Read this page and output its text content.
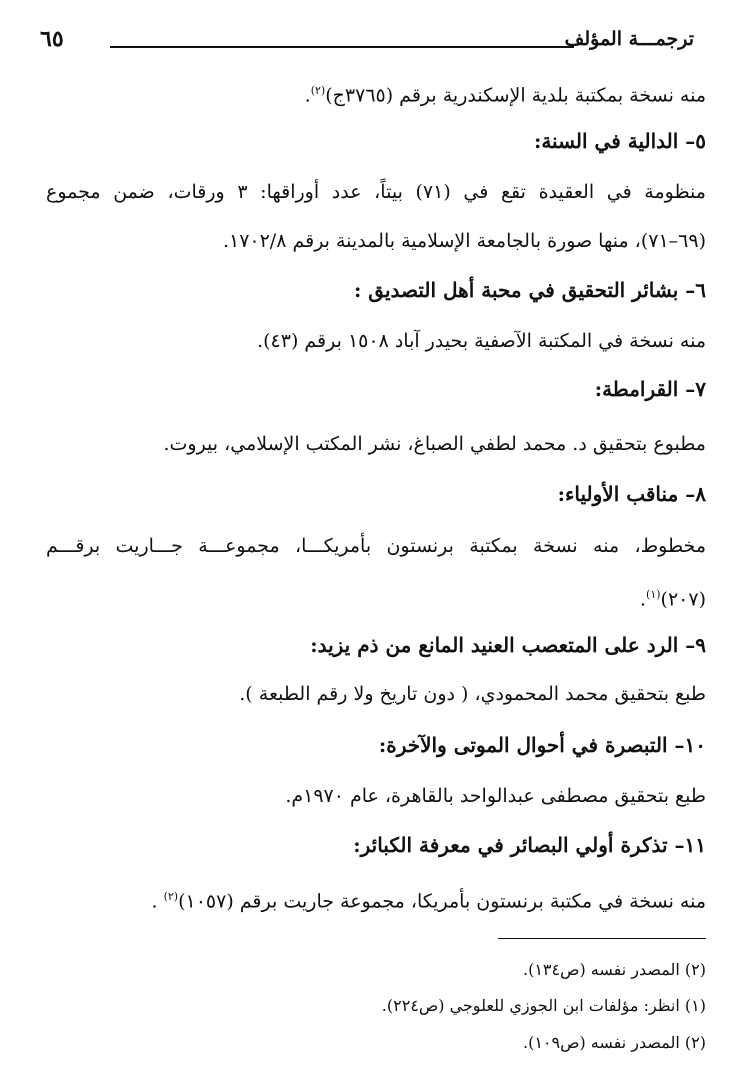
ترجمـــة المؤلف
٦٥
منه نسخة بمكتبة بلدية الإسكندرية برقم (٣٧٦٥ج)$^{(٢)}$.
٥– الدالية في السنة:
منظومة في العقيدة تقع في (٧١) بيتاً، عدد أوراقها: ٣ ورقات، ضمن مجموع
(٦٩–٧١)، منها صورة بالجامعة الإسلامية بالمدينة برقم ١٧٠٢/٨.
٦– بشائر التحقيق في محبة أهل التصديق :
منه نسخة في المكتبة الآصفية بحيدر آباد ١٥٠٨ برقم (٤٣).
٧– القرامطة:
مطبوع بتحقيق د. محمد لطفي الصباغ، نشر المكتب الإسلامي، بيروت.
٨– مناقب الأولياء:
مخطوط، منه نسخة بمكتبة برنستون بأمريكـــا، مجموعـــة جـــاريت برقـــم
(٢٠٧)$^{(١)}$.
٩– الرد على المتعصب العنيد المانع من ذم يزيد:
طبع بتحقيق محمد المحمودي، ( دون تاريخ ولا رقم الطبعة ).
١٠– التبصرة في أحوال الموتى والآخرة:
طبع بتحقيق مصطفى عبدالواحد بالقاهرة، عام ١٩٧٠م.
١١– تذكرة أولي البصائر في معرفة الكبائر:
منه نسخة في مكتبة برنستون بأمريكا، مجموعة جاريت برقم (١٠٥٧)$^{(٢)}$ .
(٢) المصدر نفسه (ص١٣٤).
(١) انظر: مؤلفات ابن الجوزي للعلوجي (ص٢٢٤).
(٢) المصدر نفسه (ص١٠٩).
